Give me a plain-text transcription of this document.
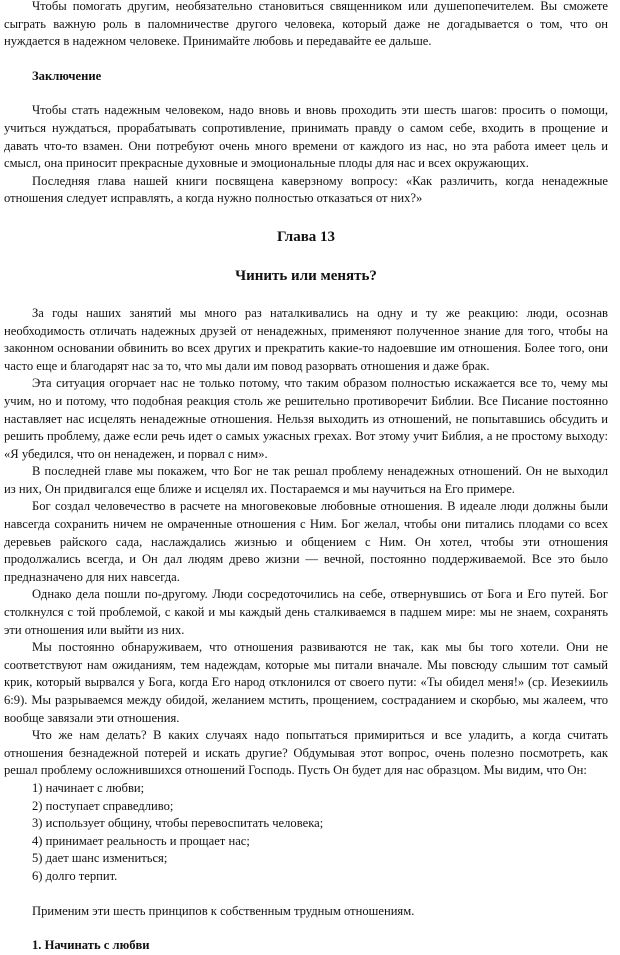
Чтобы помогать другим, необязательно становиться священником или душепопечителем. Вы сможете сыграть важную роль в паломничестве другого человека, который даже не догадывается о том, что он нуждается в надежном человеке. Принимайте любовь и передавайте ее дальше.

Заключение

Чтобы стать надежным человеком, надо вновь и вновь проходить эти шесть шагов: просить о помощи, учиться нуждаться, прорабатывать сопротивление, принимать правду о самом себе, входить в прощение и давать что-то взамен. Они потребуют очень много времени от каждого из нас, но эта работа имеет цель и смысл, она приносит прекрасные духовные и эмоциональные плоды для нас и всех окружающих.

Последняя глава нашей книги посвящена каверзному вопросу: «Как различить, когда ненадежные отношения следует исправлять, а когда нужно полностью отказаться от них?»

Глава 13
Чинить или менять?

За годы наших занятий мы много раз наталкивались на одну и ту же реакцию: люди, осознав необходимость отличать надежных друзей от ненадежных, применяют полученное знание для того, чтобы на законном основании обвинить во всех других и прекратить какие-то надоевшие им отношения. Более того, они часто еще и благодарят нас за то, что мы дали им повод разорвать отношения и даже брак.

Эта ситуация огорчает нас не только потому, что таким образом полностью искажается все то, чему мы учим, но и потому, что подобная реакция столь же решительно противоречит Библии. Все Писание постоянно наставляет нас исцелять ненадежные отношения. Нельзя выходить из отношений, не попытавшись обсудить и решить проблему, даже если речь идет о самых ужасных грехах. Вот этому учит Библия, а не простому выходу: «Я убедился, что он ненадежен, и порвал с ним».

В последней главе мы покажем, что Бог не так решал проблему ненадежных отношений. Он не выходил из них, Он придвигался еще ближе и исцелял их. Постараемся и мы научиться на Его примере.

Бог создал человечество в расчете на многовековые любовные отношения. В идеале люди должны были навсегда сохранить ничем не омраченные отношения с Ним. Бог желал, чтобы они питались плодами со всех деревьев райского сада, наслаждались жизнью и общением с Ним. Он хотел, чтобы эти отношения продолжались всегда, и Он дал людям древо жизни — вечной, постоянно поддерживаемой. Все это было предназначено для них навсегда.

Однако дела пошли по-другому. Люди сосредоточились на себе, отвернувшись от Бога и Его путей. Бог столкнулся с той проблемой, с какой и мы каждый день сталкиваемся в падшем мире: мы не знаем, сохранять эти отношения или выйти из них.

Мы постоянно обнаруживаем, что отношения развиваются не так, как мы бы того хотели. Они не соответствуют нам ожиданиям, тем надеждам, которые мы питали вначале. Мы повсюду слышим тот самый крик, который вырвался у Бога, когда Его народ отклонился от своего пути: «Ты обидел меня!» (ср. Иезекииль 6:9). Мы разрываемся между обидой, желанием мстить, прощением, состраданием и скорбью, мы жалеем, что вообще завязали эти отношения.

Что же нам делать? В каких случаях надо попытаться примириться и все уладить, а когда считать отношения безнадежной потерей и искать другие? Обдумывая этот вопрос, очень полезно посмотреть, как решал проблему осложнившихся отношений Господь. Пусть Он будет для нас образцом. Мы видим, что Он:

1) начинает с любви;
2) поступает справедливо;
3) использует общину, чтобы перевоспитать человека;
4) принимает реальность и прощает нас;
5) дает шанс измениться;
6) долго терпит.

Применим эти шесть принципов к собственным трудным отношениям.

1. Начинать с любви
